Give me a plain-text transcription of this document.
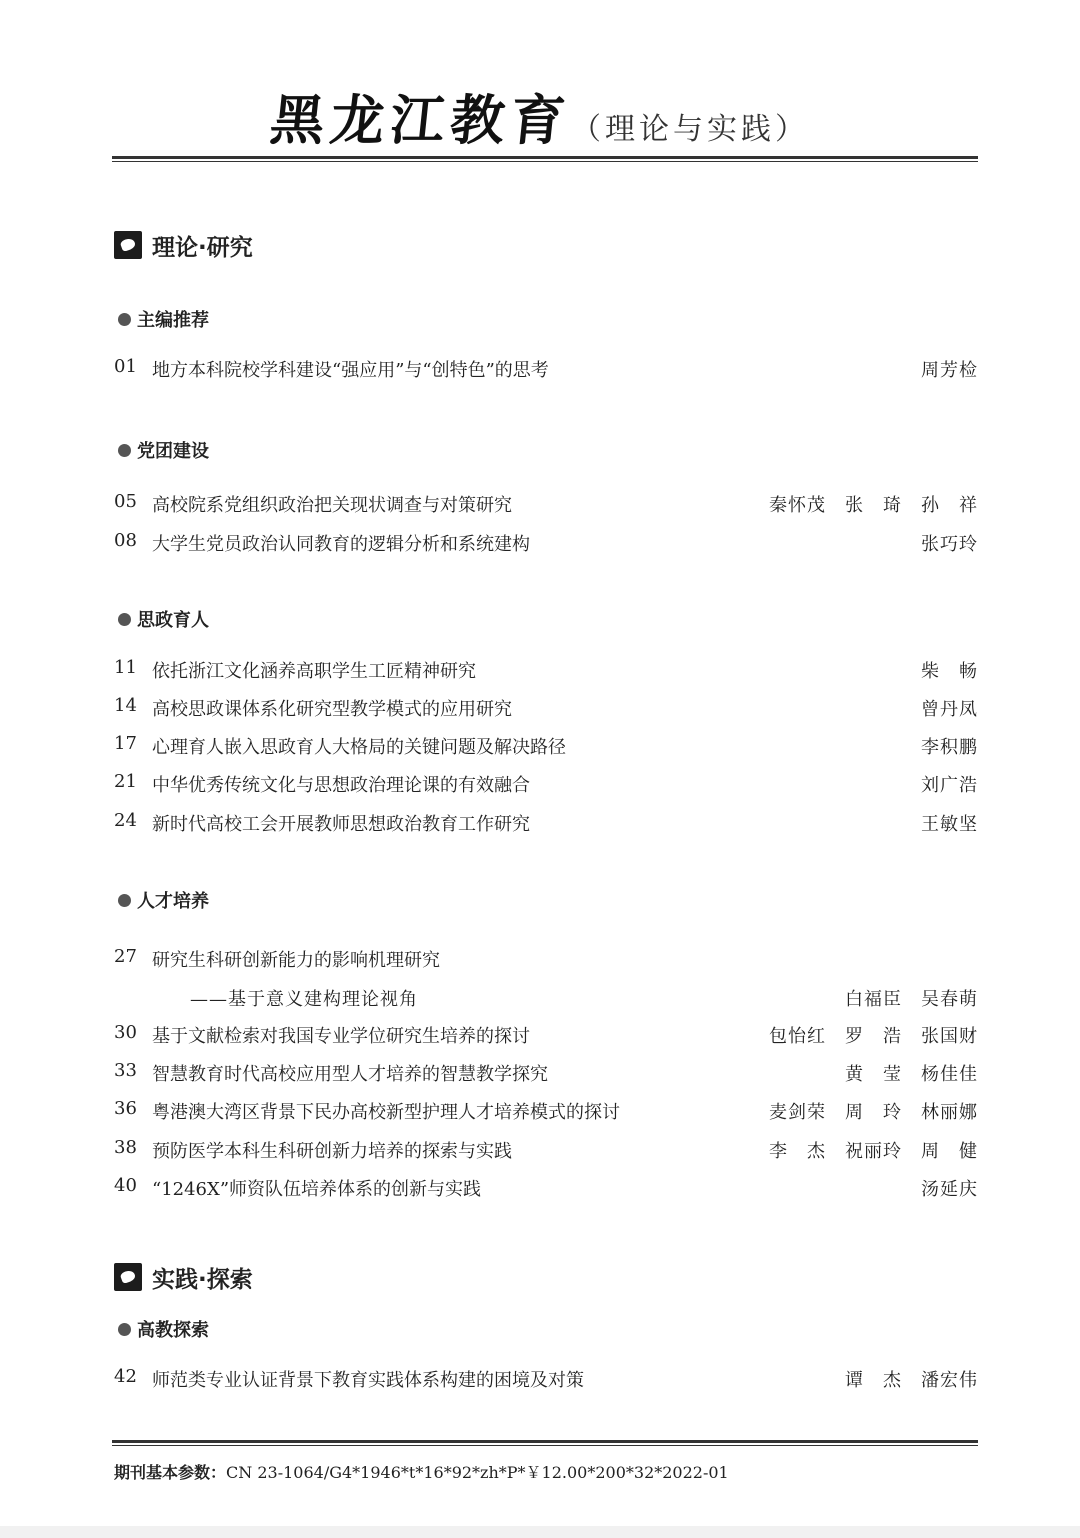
黑龙江教育（理论与实践）
理论·研究
主编推荐
01 地方本科院校学科建设“强应用”与“创特色”的思考	周芳检
党团建设
05 高校院系党组织政治把关现状调查与对策研究	秦怀茂　张　琦　孙　祥
08 大学生党员政治认同教育的逻辑分析和系统建构	张巧玲
思政育人
11 依托浙江文化涵养高职学生工匠精神研究	柴　畅
14 高校思政课体系化研究型教学模式的应用研究	曾丹凤
17 心理育人嵌入思政育人大格局的关键问题及解决路径	李积鹏
21 中华优秀传统文化与思想政治理论课的有效融合	刘广浩
24 新时代高校工会开展教师思想政治教育工作研究	王敏坚
人才培养
27 研究生科研创新能力的影响机理研究
——基于意义建构理论视角	白福臣　吴春萌
30 基于文献检索对我国专业学位研究生培养的探讨	包怡红　罗　浩　张国财
33 智慧教育时代高校应用型人才培养的智慧教学探究	黄　莹　杨佳佳
36 粤港澳大湾区背景下民办高校新型护理人才培养模式的探讨	麦剑荣　周　玲　林丽娜
38 预防医学本科生科研创新力培养的探索与实践	李　杰　祝丽玲　周　健
40 “1246X”师资队伍培养体系的创新与实践	汤延庆
实践·探索
高教探索
42 师范类专业认证背景下教育实践体系构建的困境及对策	谭　杰　潘宏伟
期刊基本参数：CN 23-1064/G4*1946*t*16*92*zh*P*￥12.00*200*32*2022-01
